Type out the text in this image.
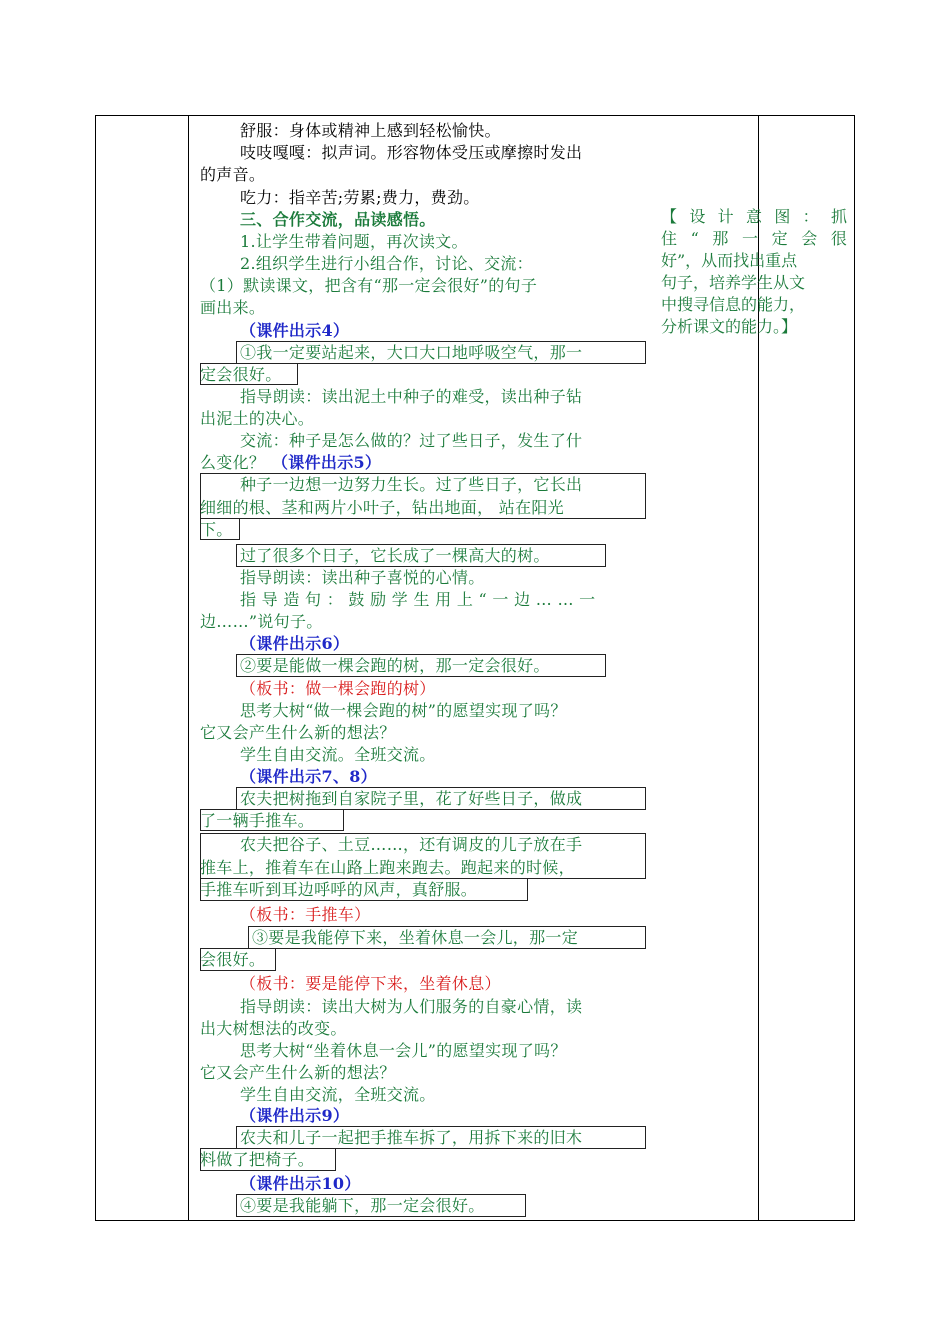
舒服：身体或精神上感到轻松愉快。
吱吱嘎嘎：拟声词。形容物体受压或摩擦时发出
的声音。
吃力：指辛苦;劳累;费力，费劲。
三、合作交流，品读感悟。
1.让学生带着问题，再次读文。
2.组织学生进行小组合作，讨论、交流：
（1）默读课文，把含有“那一定会很好”的句子
画出来。
（课件出示4）
①我一定要站起来，大口大口地呼吸空气，那一
定会很好。
指导朗读：读出泥土中种子的难受，读出种子钻
出泥土的决心。
交流：种子是怎么做的？过了些日子，发生了什
么变化？ （课件出示5）
种子一边想一边努力生长。过了些日子，它长出
细细的根、茎和两片小叶子，钻出地面， 站在阳光
下。
过了很多个日子，它长成了一棵高大的树。
指导朗读：读出种子喜悦的心情。
指 导 造 句 ： 鼓 励 学 生 用 上 “ 一 边 … … 一
边……”说句子。
（课件出示6）
②要是能做一棵会跑的树，那一定会很好。
（板书：做一棵会跑的树）
思考大树“做一棵会跑的树”的愿望实现了吗？
它又会产生什么新的想法？
学生自由交流。全班交流。
（课件出示7、8）
农夫把树拖到自家院子里，花了好些日子，做成
了一辆手推车。
农夫把谷子、土豆……，还有调皮的儿子放在手
推车上，推着车在山路上跑来跑去。跑起来的时候，
手推车听到耳边呼呼的风声，真舒服。
（板书：手推车）
③要是我能停下来，坐着休息一会儿，那一定
会很好。
（板书：要是能停下来，坐着休息）
指导朗读：读出大树为人们服务的自豪心情，读
出大树想法的改变。
思考大树“坐着休息一会儿”的愿望实现了吗？
它又会产生什么新的想法？
学生自由交流，全班交流。
（课件出示9）
农夫和儿子一起把手推车拆了，用拆下来的旧木
料做了把椅子。
（课件出示10）
④要是我能躺下，那一定会很好。
【 设 计 意 图 ： 抓
住 “ 那 一 定 会 很
好”，从而找出重点
句子，培养学生从文
中搜寻信息的能力，
分析课文的能力。】
